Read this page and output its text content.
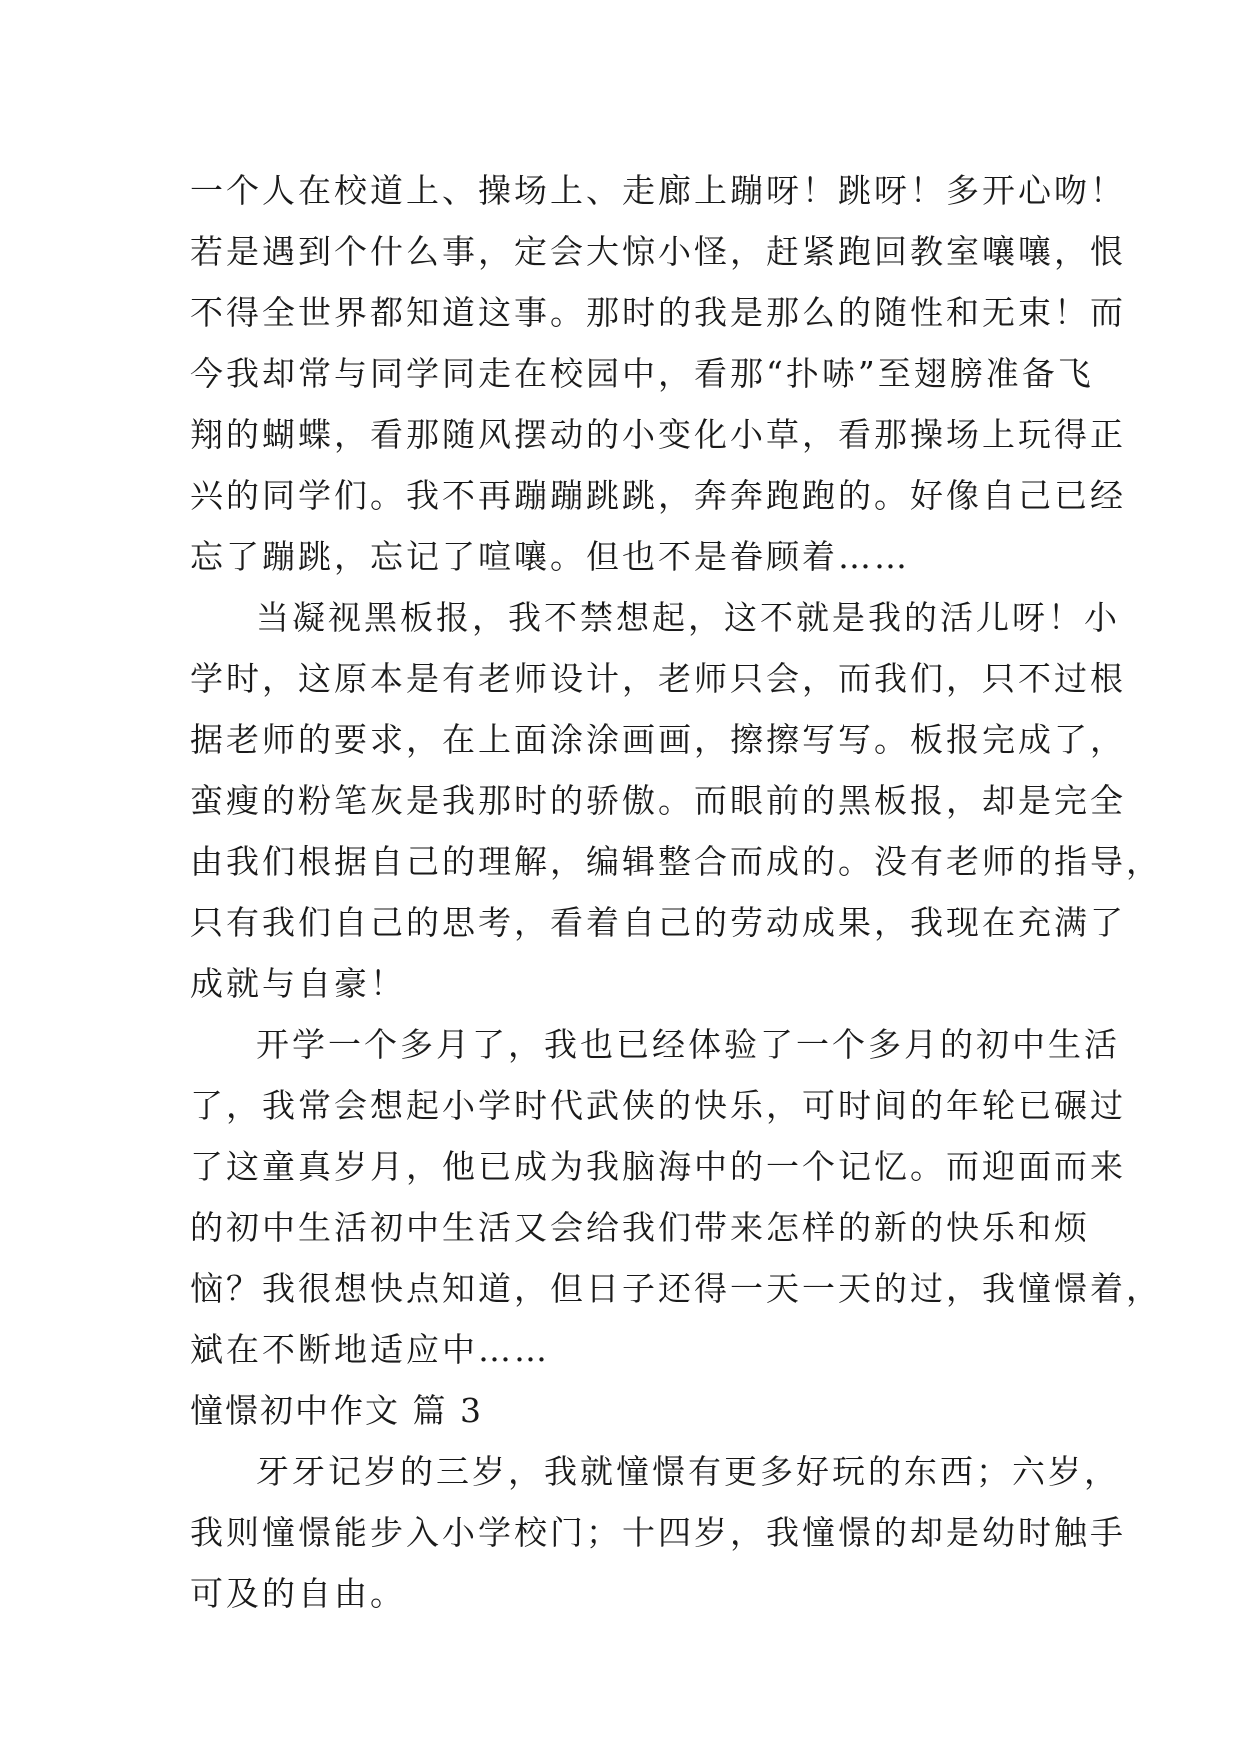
一个人在校道上、操场上、走廊上蹦呀！跳呀！多开心吻！
若是遇到个什么事，定会大惊小怪，赶紧跑回教室嚷嚷，恨
不得全世界都知道这事。那时的我是那么的随性和无束！而
今我却常与同学同走在校园中，看那“扑哧”至翅膀准备飞
翔的蝴蝶，看那随风摆动的小变化小草，看那操场上玩得正
兴的同学们。我不再蹦蹦跳跳，奔奔跑跑的。好像自己已经
忘了蹦跳，忘记了喧嚷。但也不是眷顾着……
当凝视黑板报，我不禁想起，这不就是我的活儿呀！小
学时，这原本是有老师设计，老师只会，而我们，只不过根
据老师的要求，在上面涂涂画画，擦擦写写。板报完成了，
蛮瘦的粉笔灰是我那时的骄傲。而眼前的黑板报，却是完全
由我们根据自己的理解，编辑整合而成的。没有老师的指导，
只有我们自己的思考，看着自己的劳动成果，我现在充满了
成就与自豪！
开学一个多月了，我也已经体验了一个多月的初中生活
了，我常会想起小学时代武侠的快乐，可时间的年轮已碾过
了这童真岁月，他已成为我脑海中的一个记忆。而迎面而来
的初中生活初中生活又会给我们带来怎样的新的快乐和烦
恼？我很想快点知道，但日子还得一天一天的过，我憧憬着，
斌在不断地适应中……
憧憬初中作文 篇 3
牙牙记岁的三岁，我就憧憬有更多好玩的东西；六岁，
我则憧憬能步入小学校门；十四岁，我憧憬的却是幼时触手
可及的自由。
